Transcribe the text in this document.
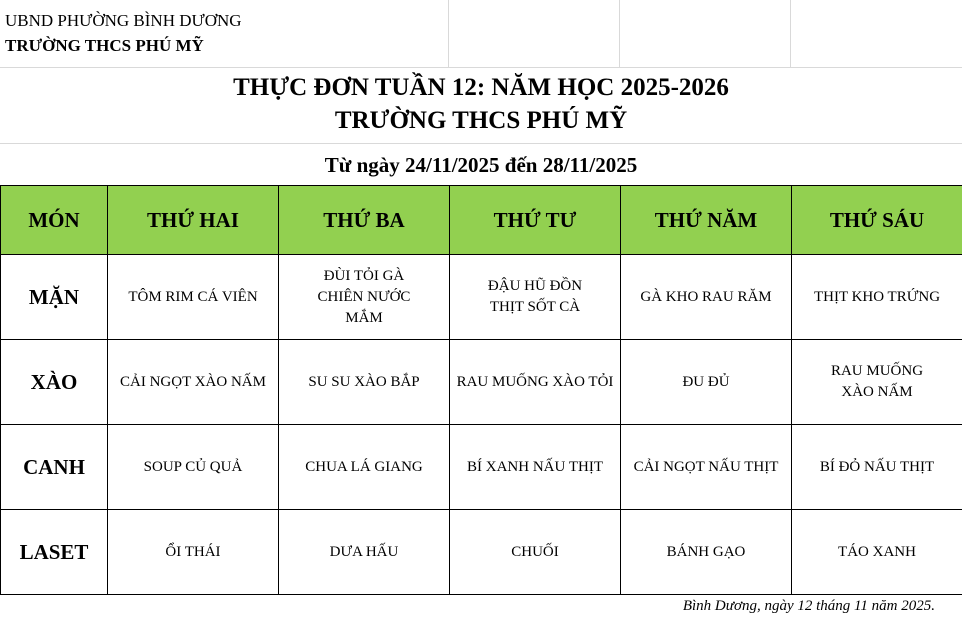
UBND PHƯỜNG BÌNH DƯƠNG
TRƯỜNG THCS PHÚ MỸ
THỰC ĐƠN TUẦN 12: NĂM HỌC 2025-2026
TRƯỜNG THCS PHÚ MỸ
Từ ngày 24/11/2025 đến 28/11/2025
MÓN	THỨ HAI	THỨ BA	THỨ TƯ	THỨ NĂM	THỨ SÁU
MẶN	TÔM RIM CÁ VIÊN	ĐÙI TỎI GÀ CHIÊN NƯỚC MẮM	ĐẬU HŨ ĐỒN THỊT SỐT CÀ	GÀ KHO RAU RĂM	THỊT KHO TRỨNG
XÀO	CẢI NGỌT XÀO NẤM	SU SU XÀO BẮP	RAU MUỐNG XÀO TỎI	ĐU ĐỦ	RAU MUỐNG XÀO NẤM
CANH	SOUP CỦ QUẢ	CHUA LÁ GIANG	BÍ XANH NẤU THỊT	CẢI NGỌT NẤU THỊT	BÍ ĐỎ NẤU THỊT
LASET	ỔI THÁI	DƯA HẤU	CHUỐI	BÁNH GẠO	TÁO XANH
Bình Dương, ngày 12 tháng 11 năm 2025.
